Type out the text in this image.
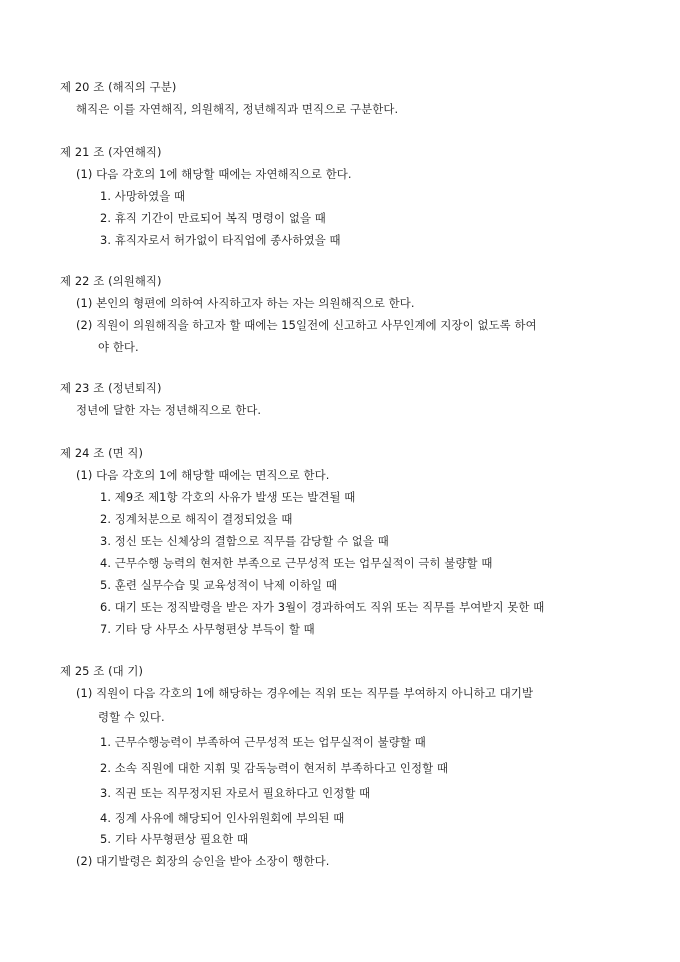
제 20 조 (해직의 구분)
해직은 이를 자연해직, 의원해직, 정년해직과 면직으로 구분한다.
제 21 조 (자연해직)
(1) 다음 각호의 1에 해당할 때에는 자연해직으로 한다.
1. 사망하였을 때
2. 휴직 기간이 만료되어 복직 명령이 없을 때
3. 휴직자로서 허가없이 타직업에 종사하였을 때
제 22 조 (의원해직)
(1) 본인의 형편에 의하여 사직하고자 하는 자는 의원해직으로 한다.
(2) 직원이 의원해직을 하고자 할 때에는 15일전에 신고하고 사무인계에 지장이 없도록 하여
야 한다.
제 23 조 (정년퇴직)
정년에 달한 자는 정년해직으로 한다.
제 24 조 (면 직)
(1) 다음 각호의 1에 해당할 때에는 면직으로 한다.
1. 제9조 제1항 각호의 사유가 발생 또는 발견될 때
2. 징계처분으로 해직이 결정되었을 때
3. 정신 또는 신체상의 결함으로 직무를 감당할 수 없을 때
4. 근무수행 능력의 현저한 부족으로 근무성적 또는 업무실적이 극히 불량할 때
5. 훈련 실무수습 및 교육성적이 낙제 이하일 때
6. 대기 또는 정직발령을 받은 자가 3월이 경과하여도 직위 또는 직무를 부여받지 못한 때
7. 기타 당 사무소 사무형편상 부득이 할 때
제 25 조 (대 기)
(1) 직원이 다음 각호의 1에 해당하는 경우에는 직위 또는 직무를 부여하지 아니하고 대기발
령할 수 있다.
1. 근무수행능력이 부족하여 근무성적 또는 업무실적이 불량할 때
2. 소속 직원에 대한 지휘 및 감독능력이 현저히 부족하다고 인정할 때
3. 직권 또는 직무정지된 자로서 필요하다고 인정할 때
4. 징계 사유에 해당되어 인사위원회에 부의된 때
5. 기타 사무형편상 필요한 때
(2) 대기발령은 회장의 승인을 받아 소장이 행한다.
